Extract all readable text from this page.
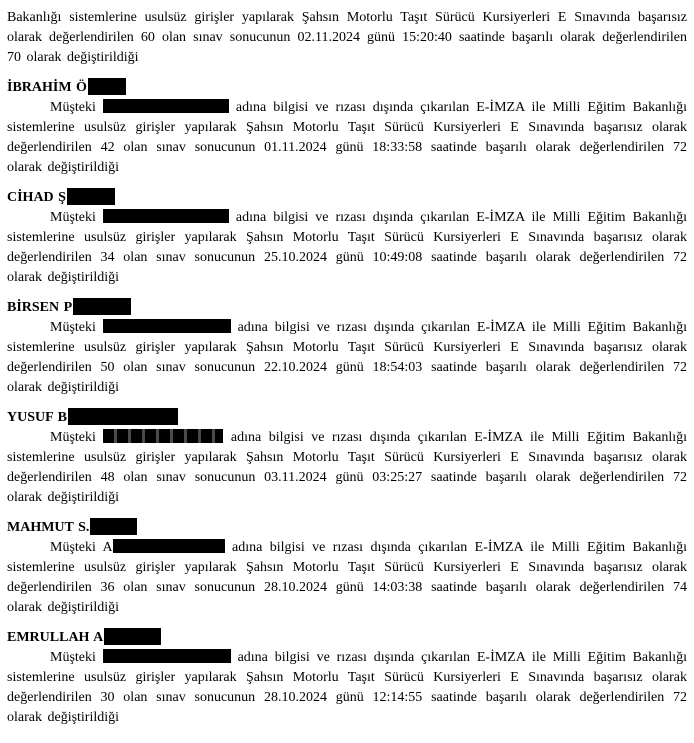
Bakanlığı sistemlerine usulsüz girişler yapılarak Şahsın Motorlu Taşıt Sürücü Kursiyerleri E Sınavında başarısız olarak değerlendirilen 60 olan sınav sonucunun 02.11.2024 günü 15:20:40 saatinde başarılı olarak değerlendirilen 70 olarak değiştirildiği

İBRAHİM Ö

Müşteki	adına bilgisi ve rızası dışında çıkarılan E-İMZA ile Milli Eğitim Bakanlığı sistemlerine usulsüz girişler yapılarak Şahsın Motorlu Taşıt Sürücü Kursiyerleri E Sınavında başarısız olarak değerlendirilen 42 olan sınav sonucunun 01.11.2024 günü 18:33:58 saatinde başarılı olarak değerlendirilen 72 olarak değiştirildiği

CİHAD Ş

Müşteki	adına bilgisi ve rızası dışında çıkarılan E-İMZA ile Milli Eğitim Bakanlığı sistemlerine usulsüz girişler yapılarak Şahsın Motorlu Taşıt Sürücü Kursiyerleri E Sınavında başarısız olarak değerlendirilen 34 olan sınav sonucunun 25.10.2024 günü 10:49:08 saatinde başarılı olarak değerlendirilen 72 olarak değiştirildiği

BİRSEN P

Müşteki	adına bilgisi ve rızası dışında çıkarılan E-İMZA ile Milli Eğitim Bakanlığı sistemlerine usulsüz girişler yapılarak Şahsın Motorlu Taşıt Sürücü Kursiyerleri E Sınavında başarısız olarak değerlendirilen 50 olan sınav sonucunun 22.10.2024 günü 18:54:03 saatinde başarılı olarak değerlendirilen 72 olarak değiştirildiği

YUSUF B

Müşteki	adına bilgisi ve rızası dışında çıkarılan E-İMZA ile Milli Eğitim Bakanlığı sistemlerine usulsüz girişler yapılarak Şahsın Motorlu Taşıt Sürücü Kursiyerleri E Sınavında başarısız olarak değerlendirilen 48 olan sınav sonucunun 03.11.2024 günü 03:25:27 saatinde başarılı olarak değerlendirilen 72 olarak değiştirildiği

MAHMUT S.

Müşteki A	adına bilgisi ve rızası dışında çıkarılan E-İMZA ile Milli Eğitim Bakanlığı sistemlerine usulsüz girişler yapılarak Şahsın Motorlu Taşıt Sürücü Kursiyerleri E Sınavında başarısız olarak değerlendirilen 36 olan sınav sonucunun 28.10.2024 günü 14:03:38 saatinde başarılı olarak değerlendirilen 74 olarak değiştirildiği

EMRULLAH A

Müşteki	adına bilgisi ve rızası dışında çıkarılan E-İMZA ile Milli Eğitim Bakanlığı sistemlerine usulsüz girişler yapılarak Şahsın Motorlu Taşıt Sürücü Kursiyerleri E Sınavında başarısız olarak değerlendirilen 30 olan sınav sonucunun 28.10.2024 günü 12:14:55 saatinde başarılı olarak değerlendirilen 72 olarak değiştirildiği
